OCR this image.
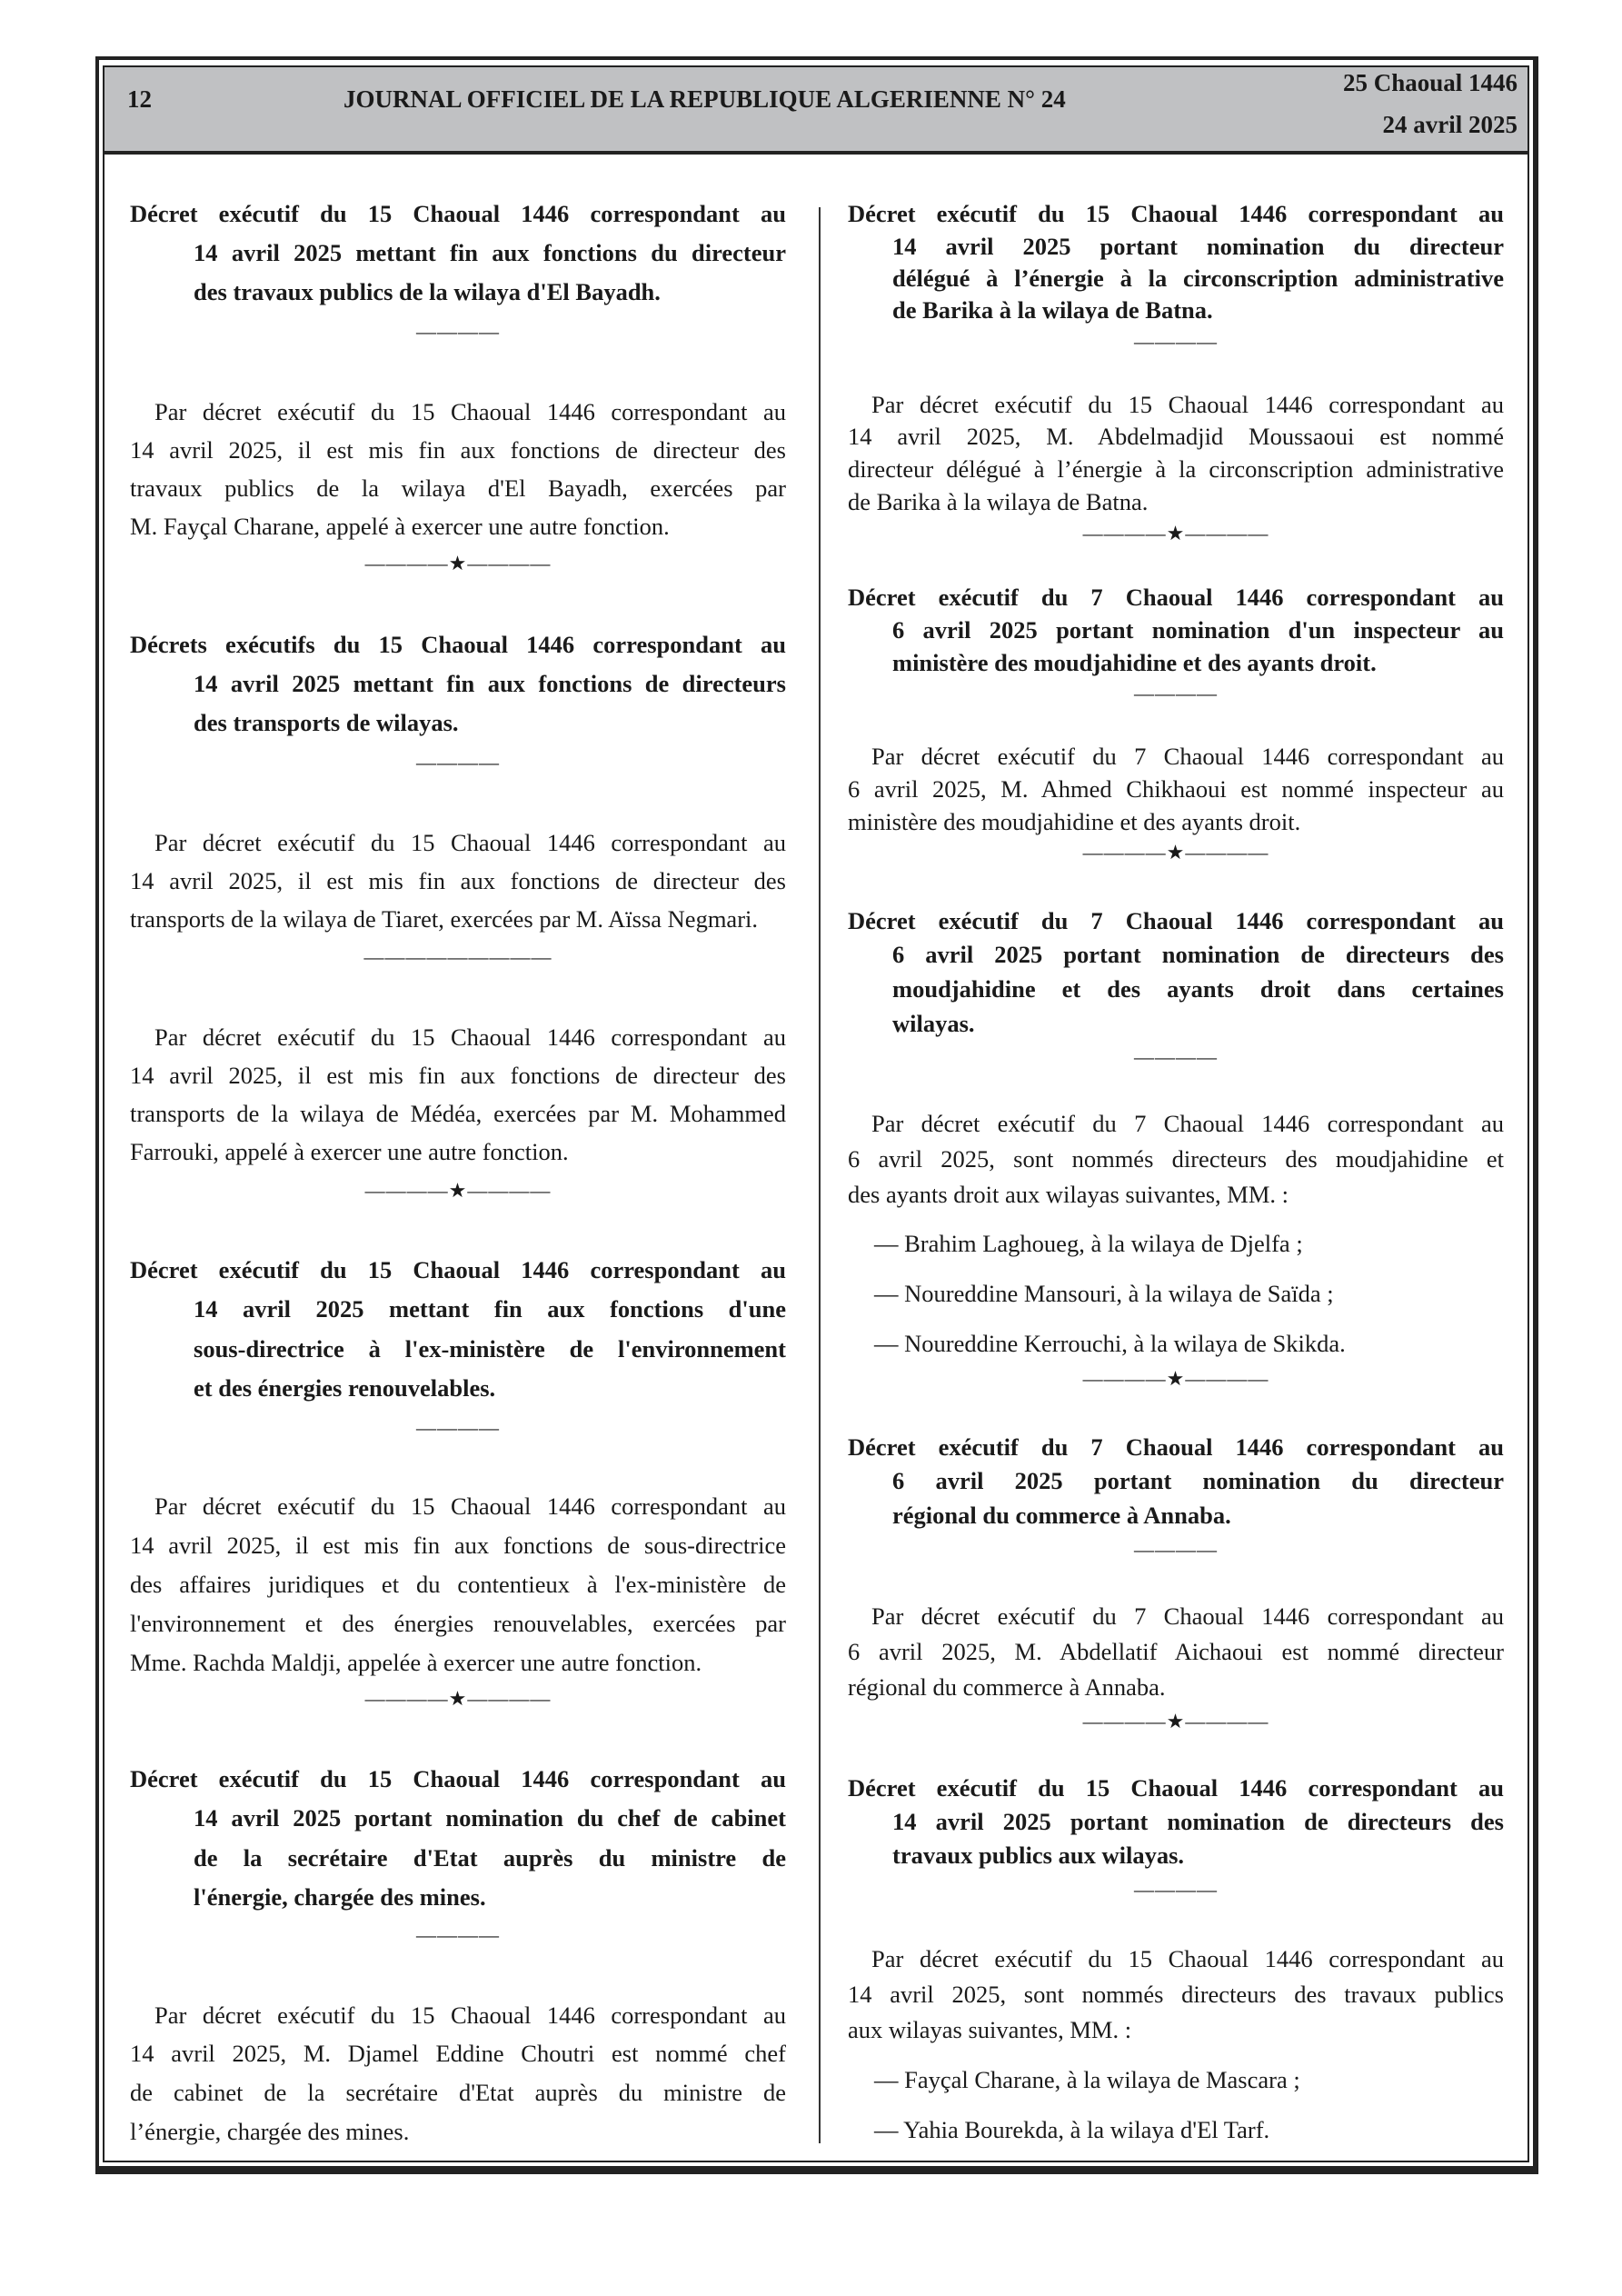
12	JOURNAL OFFICIEL DE LA REPUBLIQUE ALGERIENNE N° 24
25 Chaoual 1446
24 avril 2025
Décret exécutif du 15 Chaoual 1446 correspondant au
14 avril 2025 mettant fin aux fonctions du directeur
des travaux publics de la wilaya d'El Bayadh.
————
Par décret exécutif du 15 Chaoual 1446 correspondant au
14 avril 2025, il est mis fin aux fonctions de directeur des
travaux publics de la wilaya d'El Bayadh, exercées par
M. Fayçal Charane, appelé à exercer une autre fonction.
————★————
Décrets exécutifs du 15 Chaoual 1446 correspondant au
14 avril 2025 mettant fin aux fonctions de directeurs
des transports de wilayas.
————
Par décret exécutif du 15 Chaoual 1446 correspondant au
14 avril 2025, il est mis fin aux fonctions de directeur des
transports de la wilaya de Tiaret, exercées par M. Aïssa Negmari.
—————————
Par décret exécutif du 15 Chaoual 1446 correspondant au
14 avril 2025, il est mis fin aux fonctions de directeur des
transports de la wilaya de Médéa, exercées par M. Mohammed
Farrouki, appelé à exercer une autre fonction.
————★————
Décret exécutif du 15 Chaoual 1446 correspondant au
14 avril 2025 mettant fin aux fonctions d'une
sous-directrice à l'ex-ministère de l'environnement
et des énergies renouvelables.
————
Par décret exécutif du 15 Chaoual 1446 correspondant au
14 avril 2025, il est mis fin aux fonctions de sous-directrice
des affaires juridiques et du contentieux à l'ex-ministère de
l'environnement et des énergies renouvelables, exercées par
Mme. Rachda Maldji, appelée à exercer une autre fonction.
————★————
Décret exécutif du 15 Chaoual 1446 correspondant au
14 avril 2025 portant nomination du chef de cabinet
de la secrétaire d'Etat auprès du ministre de
l'énergie, chargée des mines.
————
Par décret exécutif du 15 Chaoual 1446 correspondant au
14 avril 2025, M. Djamel Eddine Choutri est nommé chef
de cabinet de la secrétaire d'Etat auprès du ministre de
l’énergie, chargée des mines.
Décret exécutif du 15 Chaoual 1446 correspondant au
14 avril 2025 portant nomination du directeur
délégué à l’énergie à la circonscription administrative
de Barika à la wilaya de Batna.
————
Par décret exécutif du 15 Chaoual 1446 correspondant au
14 avril 2025, M. Abdelmadjid Moussaoui est nommé
directeur délégué à l’énergie à la circonscription administrative
de Barika à la wilaya de Batna.
————★————
Décret exécutif du 7 Chaoual 1446 correspondant au
6 avril 2025 portant nomination d'un inspecteur au
ministère des moudjahidine et des ayants droit.
————
Par décret exécutif du 7 Chaoual 1446 correspondant au
6 avril 2025, M. Ahmed Chikhaoui est nommé inspecteur au
ministère des moudjahidine et des ayants droit.
————★————
Décret exécutif du 7 Chaoual 1446 correspondant au
6 avril 2025 portant nomination de directeurs des
moudjahidine et des ayants droit dans certaines
wilayas.
————
Par décret exécutif du 7 Chaoual 1446 correspondant au
6 avril 2025, sont nommés directeurs des moudjahidine et
des ayants droit aux wilayas suivantes, MM. :
— Brahim Laghoueg, à la wilaya de Djelfa ;
— Noureddine Mansouri, à la wilaya de Saïda ;
— Noureddine Kerrouchi, à la wilaya de Skikda.
————★————
Décret exécutif du 7 Chaoual 1446 correspondant au
6 avril 2025 portant nomination du directeur
régional du commerce à Annaba.
————
Par décret exécutif du 7 Chaoual 1446 correspondant au
6 avril 2025, M. Abdellatif Aichaoui est nommé directeur
régional du commerce à Annaba.
————★————
Décret exécutif du 15 Chaoual 1446 correspondant au
14 avril 2025 portant nomination de directeurs des
travaux publics aux wilayas.
————
Par décret exécutif du 15 Chaoual 1446 correspondant au
14 avril 2025, sont nommés directeurs des travaux publics
aux wilayas suivantes, MM. :
— Fayçal Charane, à la wilaya de Mascara ;
— Yahia Bourekda, à la wilaya d'El Tarf.
